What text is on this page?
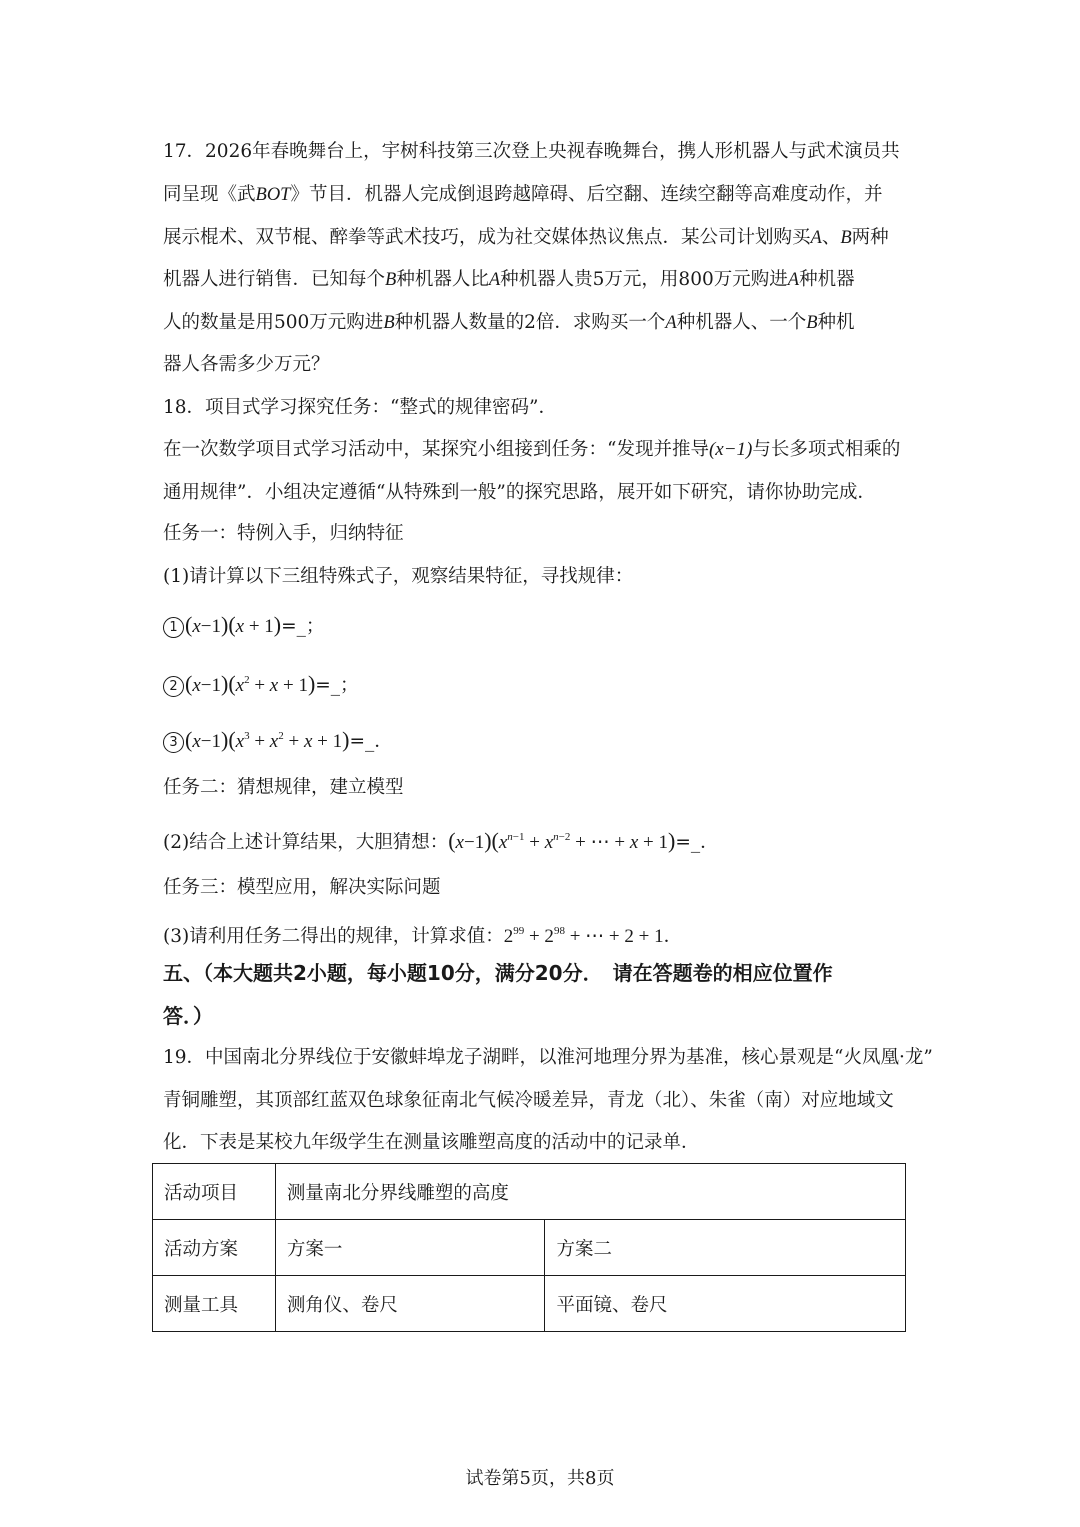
17．2026年春晚舞台上，宇树科技第三次登上央视春晚舞台，携人形机器人与武术演员共
同呈现《武BOT》节目．机器人完成倒退跨越障碍、后空翻、连续空翻等高难度动作，并
展示棍术、双节棍、醉拳等武术技巧，成为社交媒体热议焦点．某公司计划购买A、B两种
机器人进行销售．已知每个B种机器人比A种机器人贵5万元，用800万元购进A种机器
人的数量是用500万元购进B种机器人数量的2倍．求购买一个A种机器人、一个B种机
器人各需多少万元？
18．项目式学习探究任务：“整式的规律密码”．
在一次数学项目式学习活动中，某探究小组接到任务：“发现并推导(x−1)与长多项式相乘的
通用规律”．小组决定遵循“从特殊到一般”的探究思路，展开如下研究，请你协助完成．
任务一：特例入手，归纳特征
(1)请计算以下三组特殊式子，观察结果特征，寻找规律：
1 (x−1)(x + 1)=_；
2 $(x-1)(x^2 + x$ + 1)=_；
3 $(x-1)(x^3 + x^2 + x$ + 1)=_．
任务二：猜想规律，建立模型
(2)结合上述计算结果，大胆猜想：$(x-1)(x^{n-1} + x^{n-2}$ + ⋯ + x + 1)=_．
任务三：模型应用，解决实际问题
(3)请利用任务二得出的规律，计算求值：$2^{99} + 2^{98}$ + ⋯ + 2 + 1．
五、（本大题共2小题，每小题10分，满分20分．　请在答题卷的相应位置作
答．）
19．中国南北分界线位于安徽蚌埠龙子湖畔，以淮河地理分界为基准，核心景观是“火凤凰·龙”
青铜雕塑，其顶部红蓝双色球象征南北气候冷暖差异，青龙（北）、朱雀（南）对应地域文
化．下表是某校九年级学生在测量该雕塑高度的活动中的记录单．
活动项目	测量南北分界线雕塑的高度	
活动方案	方案一	方案二
测量工具	测角仪、卷尺	平面镜、卷尺
试卷第5页，共8页
